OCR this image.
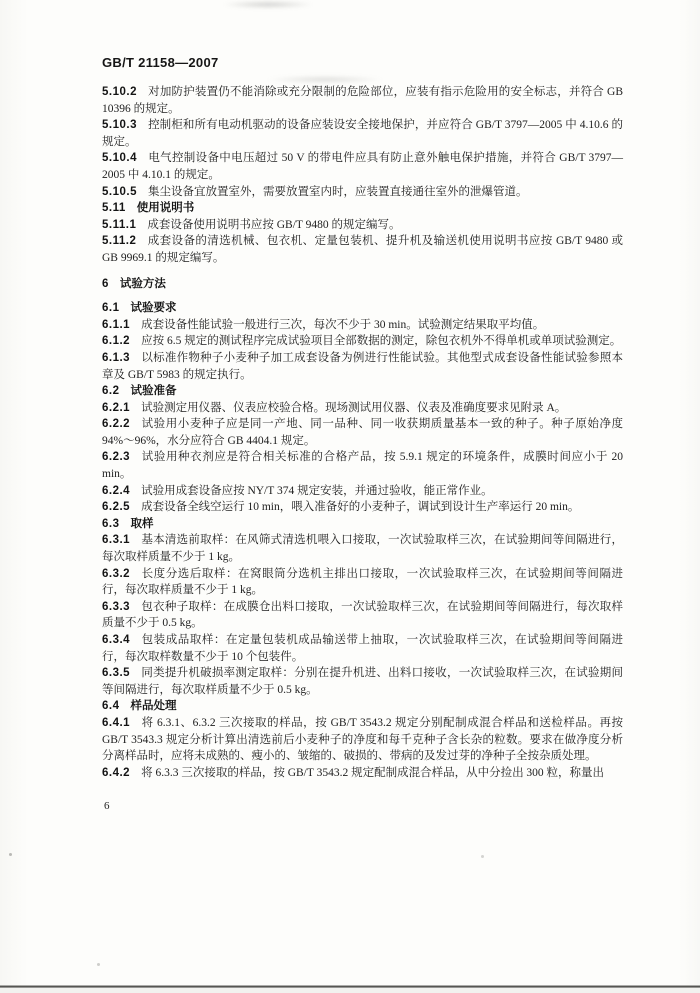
GB/T 21158—2007

5.10.2 对加防护装置仍不能消除或充分限制的危险部位，应装有指示危险用的安全标志，并符合 GB 10396 的规定。

5.10.3 控制柜和所有电动机驱动的设备应装设安全接地保护，并应符合 GB/T 3797—2005 中 4.10.6 的规定。

5.10.4 电气控制设备中电压超过 50 V 的带电件应具有防止意外触电保护措施，并符合 GB/T 3797—2005 中 4.10.1 的规定。

5.10.5 集尘设备宜放置室外，需要放置室内时，应装置直接通往室外的泄爆管道。

5.11 使用说明书

5.11.1 成套设备使用说明书应按 GB/T 9480 的规定编写。

5.11.2 成套设备的清选机械、包衣机、定量包装机、提升机及输送机使用说明书应按 GB/T 9480 或 GB 9969.1 的规定编写。

6 试验方法

6.1 试验要求

6.1.1 成套设备性能试验一般进行三次，每次不少于 30 min。试验测定结果取平均值。

6.1.2 应按 6.5 规定的测试程序完成试验项目全部数据的测定，除包衣机外不得单机或单项试验测定。

6.1.3 以标准作物种子小麦种子加工成套设备为例进行性能试验。其他型式成套设备性能试验参照本章及 GB/T 5983 的规定执行。

6.2 试验准备

6.2.1 试验测定用仪器、仪表应校验合格。现场测试用仪器、仪表及准确度要求见附录 A。

6.2.2 试验用小麦种子应是同一产地、同一品种、同一收获期质量基本一致的种子。种子原始净度 94%～96%，水分应符合 GB 4404.1 规定。

6.2.3 试验用种衣剂应是符合相关标准的合格产品，按 5.9.1 规定的环境条件，成膜时间应小于 20 min。

6.2.4 试验用成套设备应按 NY/T 374 规定安装，并通过验收，能正常作业。

6.2.5 成套设备全线空运行 10 min，喂入准备好的小麦种子，调试到设计生产率运行 20 min。

6.3 取样

6.3.1 基本清选前取样：在风筛式清选机喂入口接取，一次试验取样三次，在试验期间等间隔进行，每次取样质量不少于 1 kg。

6.3.2 长度分选后取样：在窝眼筒分选机主排出口接取，一次试验取样三次，在试验期间等间隔进行，每次取样质量不少于 1 kg。

6.3.3 包衣种子取样：在成膜仓出料口接取，一次试验取样三次，在试验期间等间隔进行，每次取样质量不少于 0.5 kg。

6.3.4 包装成品取样：在定量包装机成品输送带上抽取，一次试验取样三次，在试验期间等间隔进行，每次取样数量不少于 10 个包装件。

6.3.5 同类提升机破损率测定取样：分别在提升机进、出料口接收，一次试验取样三次，在试验期间等间隔进行，每次取样质量不少于 0.5 kg。

6.4 样品处理

6.4.1 将 6.3.1、6.3.2 三次接取的样品，按 GB/T 3543.2 规定分别配制成混合样品和送检样品。再按 GB/T 3543.3 规定分析计算出清选前后小麦种子的净度和每千克种子含长杂的粒数。要求在做净度分析分离样品时，应将未成熟的、瘦小的、皱缩的、破损的、带病的及发过芽的净种子全按杂质处理。

6.4.2 将 6.3.3 三次接取的样品，按 GB/T 3543.2 规定配制成混合样品，从中分捡出 300 粒，称量出

6
